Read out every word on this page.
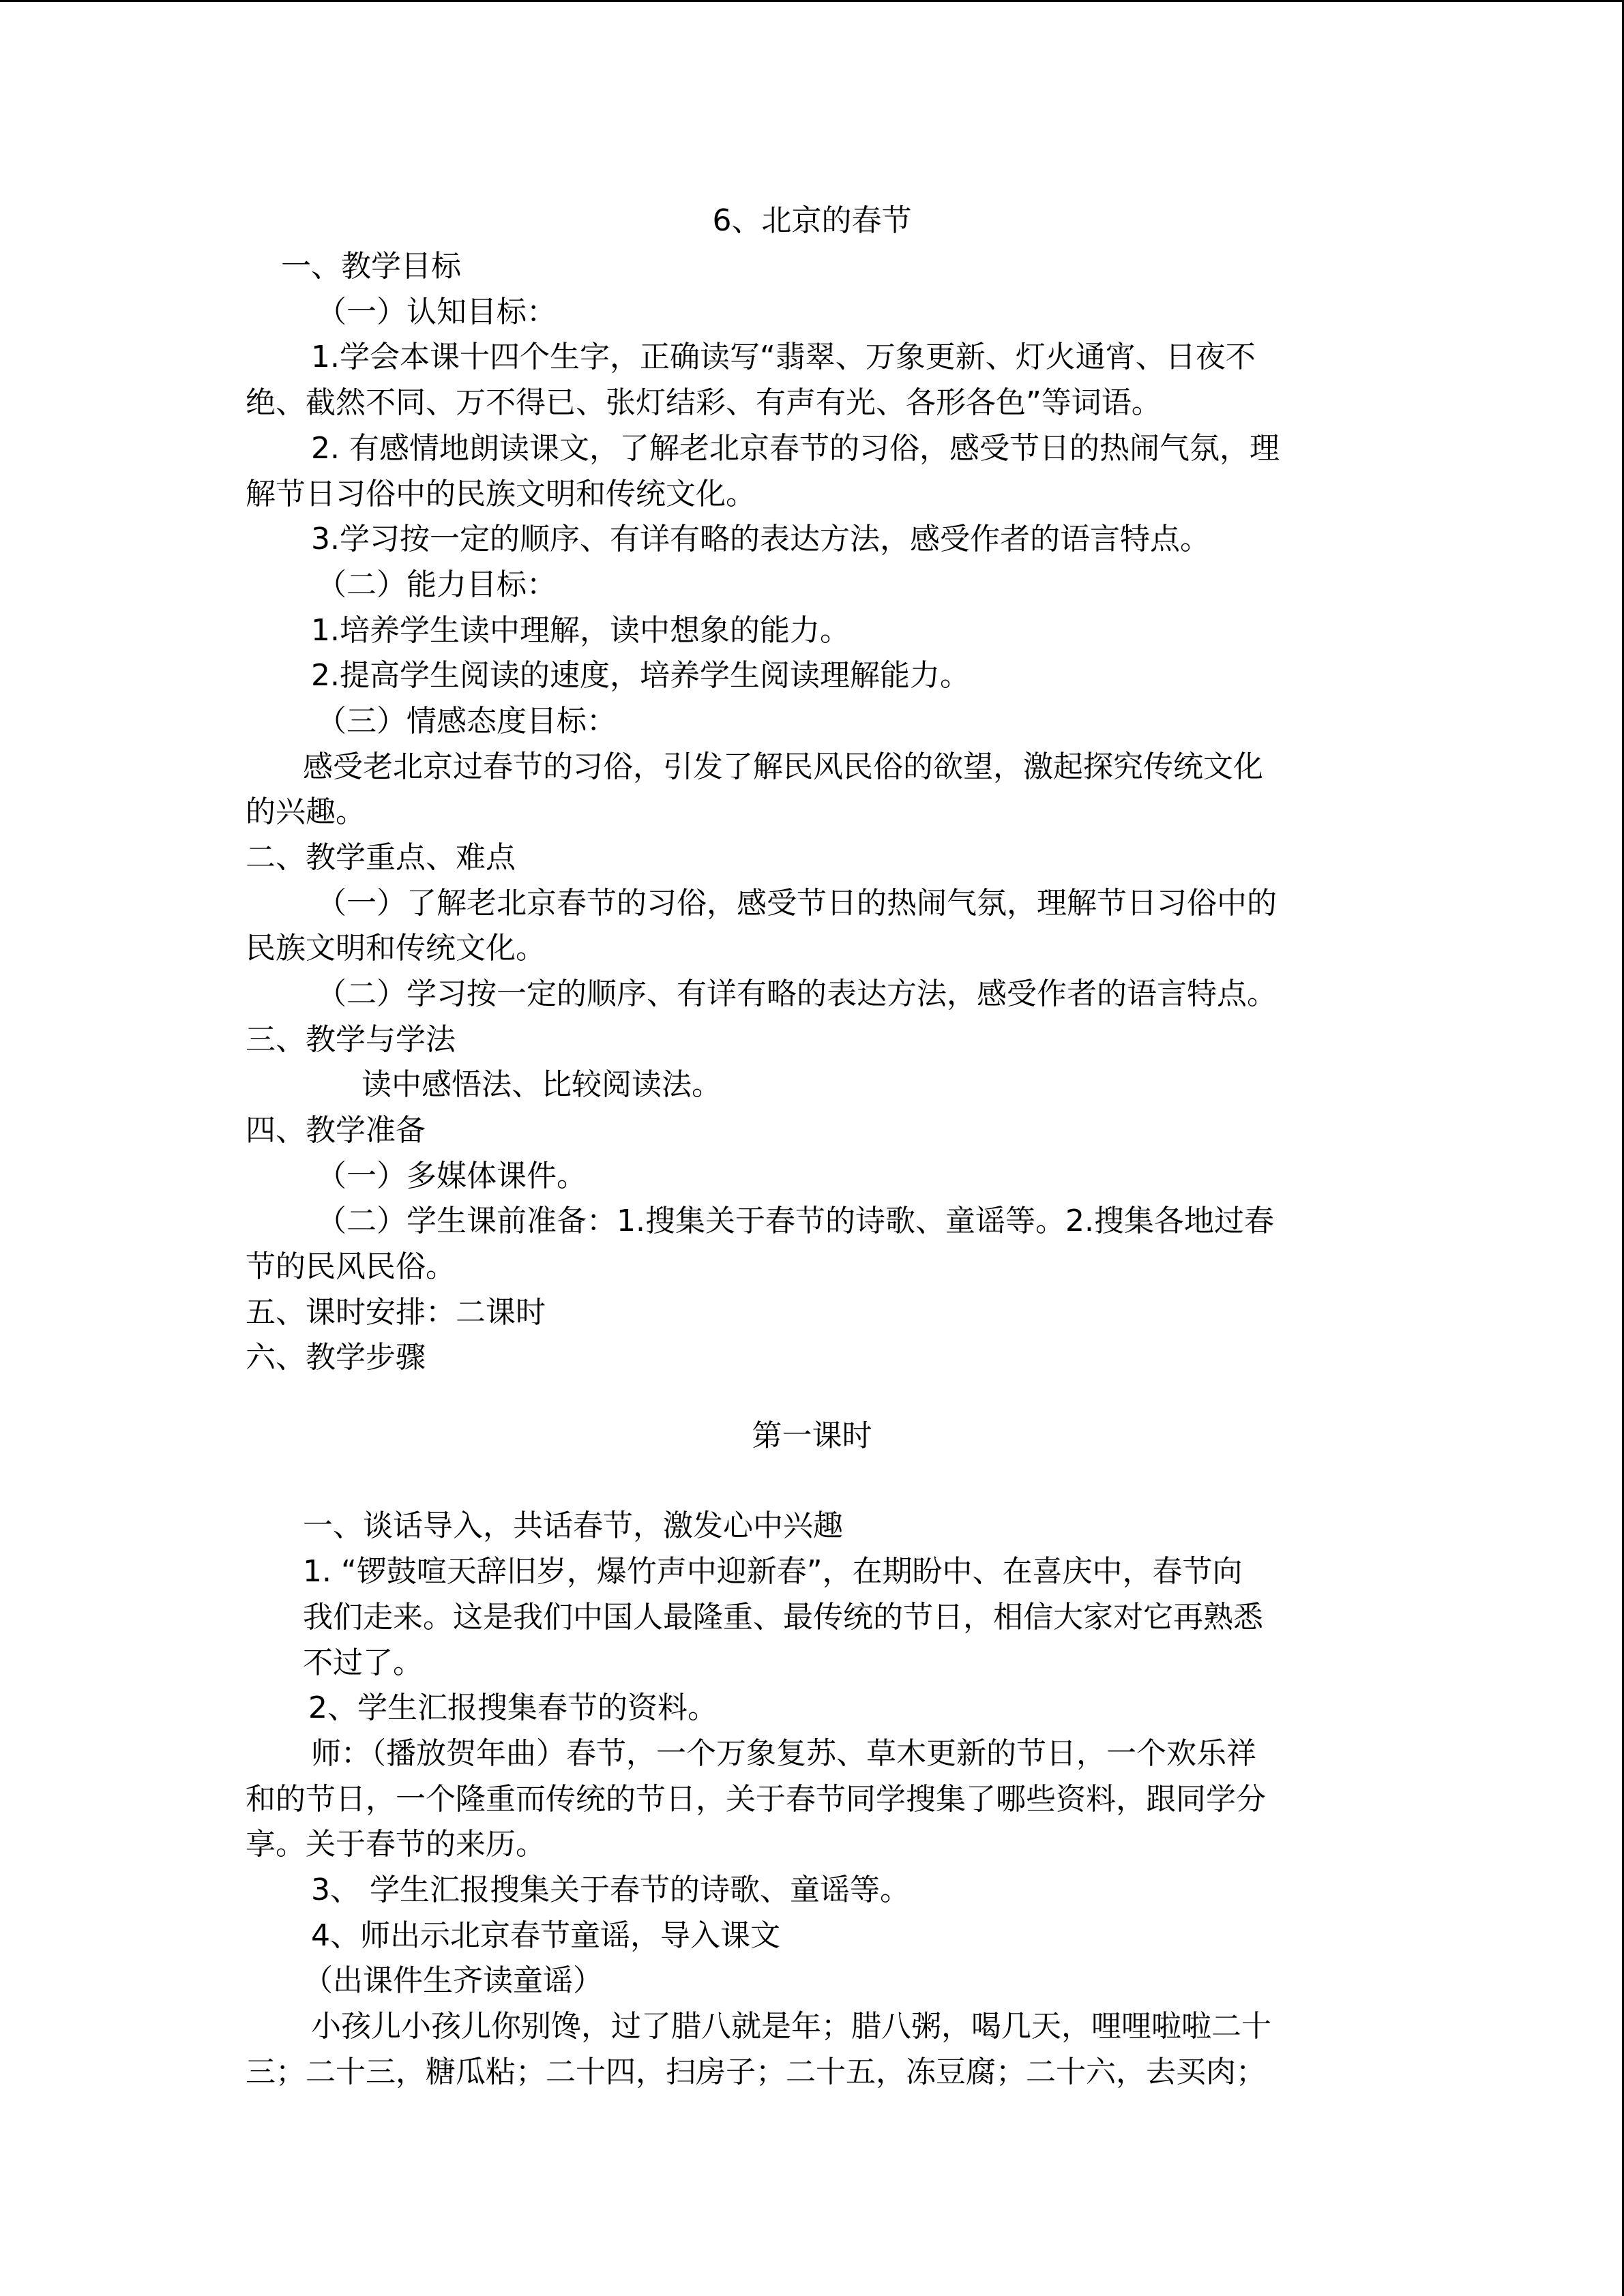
6、北京的春节
一、教学目标
（一）认知目标：
1.学会本课十四个生字，正确读写“翡翠、万象更新、灯火通宵、日夜不
绝、截然不同、万不得已、张灯结彩、有声有光、各形各色”等词语。
2. 有感情地朗读课文，了解老北京春节的习俗，感受节日的热闹气氛，理
解节日习俗中的民族文明和传统文化。
3.学习按一定的顺序、有详有略的表达方法，感受作者的语言特点。
（二）能力目标：
1.培养学生读中理解，读中想象的能力。
2.提高学生阅读的速度，培养学生阅读理解能力。
（三）情感态度目标：
感受老北京过春节的习俗，引发了解民风民俗的欲望，激起探究传统文化
的兴趣。
二、教学重点、难点
（一）了解老北京春节的习俗，感受节日的热闹气氛，理解节日习俗中的
民族文明和传统文化。
（二）学习按一定的顺序、有详有略的表达方法，感受作者的语言特点。
三、教学与学法
读中感悟法、比较阅读法。
四、教学准备
（一）多媒体课件。
（二）学生课前准备：1.搜集关于春节的诗歌、童谣等。2.搜集各地过春
节的民风民俗。
五、课时安排：二课时
六、教学步骤
第一课时
一、谈话导入，共话春节，激发心中兴趣
1. “锣鼓喧天辞旧岁，爆竹声中迎新春”，在期盼中、在喜庆中，春节向
我们走来。这是我们中国人最隆重、最传统的节日，相信大家对它再熟悉
不过了。
2、学生汇报搜集春节的资料。
师：（播放贺年曲）春节，一个万象复苏、草木更新的节日，一个欢乐祥
和的节日，一个隆重而传统的节日，关于春节同学搜集了哪些资料，跟同学分
享。关于春节的来历。
3、 学生汇报搜集关于春节的诗歌、童谣等。
4、师出示北京春节童谣，导入课文
（出课件生齐读童谣）
小孩儿小孩儿你别馋，过了腊八就是年；腊八粥，喝几天，哩哩啦啦二十
三；二十三，糖瓜粘；二十四，扫房子；二十五，冻豆腐；二十六，去买肉；
